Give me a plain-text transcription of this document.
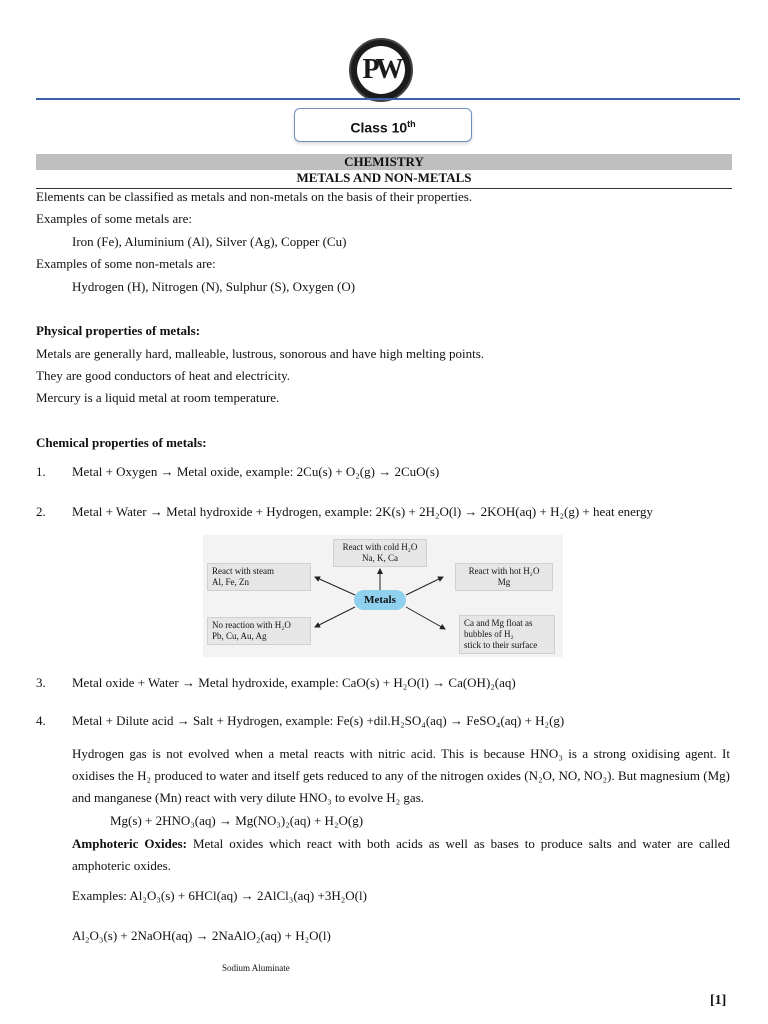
PW
Class 10th
CHEMISTRY
METALS AND NON-METALS
Elements can be classified as metals and non-metals on the basis of their properties.
Examples of some metals are:
Iron (Fe), Aluminium (Al), Silver (Ag), Copper (Cu)
Examples of some non-metals are:
Hydrogen (H), Nitrogen (N), Sulphur (S), Oxygen (O)
Physical properties of metals:
Metals are generally hard, malleable, lustrous, sonorous and have high melting points.
They are good conductors of heat and electricity.
Mercury is a liquid metal at room temperature.
Chemical properties of metals:
1. Metal + Oxygen → Metal oxide, example: 2Cu(s) + O₂(g) → 2CuO(s)
2. Metal + Water → Metal hydroxide + Hydrogen, example: 2K(s) + 2H₂O(l) → 2KOH(aq) + H₂(g) + heat energy
React with cold H₂O
Na, K, Ca
React with steam
Al, Fe, Zn
React with hot H₂O
Mg
Metals
No reaction with H₂O
Pb, Cu, Au, Ag
Ca and Mg float as
bubbles of H₂
stick to their surface
3. Metal oxide + Water → Metal hydroxide, example: CaO(s) + H₂O(l) → Ca(OH)₂(aq)
4. Metal + Dilute acid → Salt + Hydrogen, example: Fe(s) +dil.H₂SO₄(aq) → FeSO₄(aq) + H₂(g)
Hydrogen gas is not evolved when a metal reacts with nitric acid. This is because HNO₃ is a strong oxidising agent. It oxidises the H₂ produced to water and itself gets reduced to any of the nitrogen oxides (N₂O, NO, NO₂). But magnesium (Mg) and manganese (Mn) react with very dilute HNO₃ to evolve H₂ gas.
Mg(s) + 2HNO₃(aq) → Mg(NO₃)₂(aq) + H₂O(g)
Amphoteric Oxides: Metal oxides which react with both acids as well as bases to produce salts and water are called amphoteric oxides.
Examples: Al₂O₃(s) + 6HCl(aq) → 2AlCl₃(aq) +3H₂O(l)
Al₂O₃(s) + 2NaOH(aq) → 2NaAlO₂(aq) + H₂O(l)
Sodium Aluminate
[1]
